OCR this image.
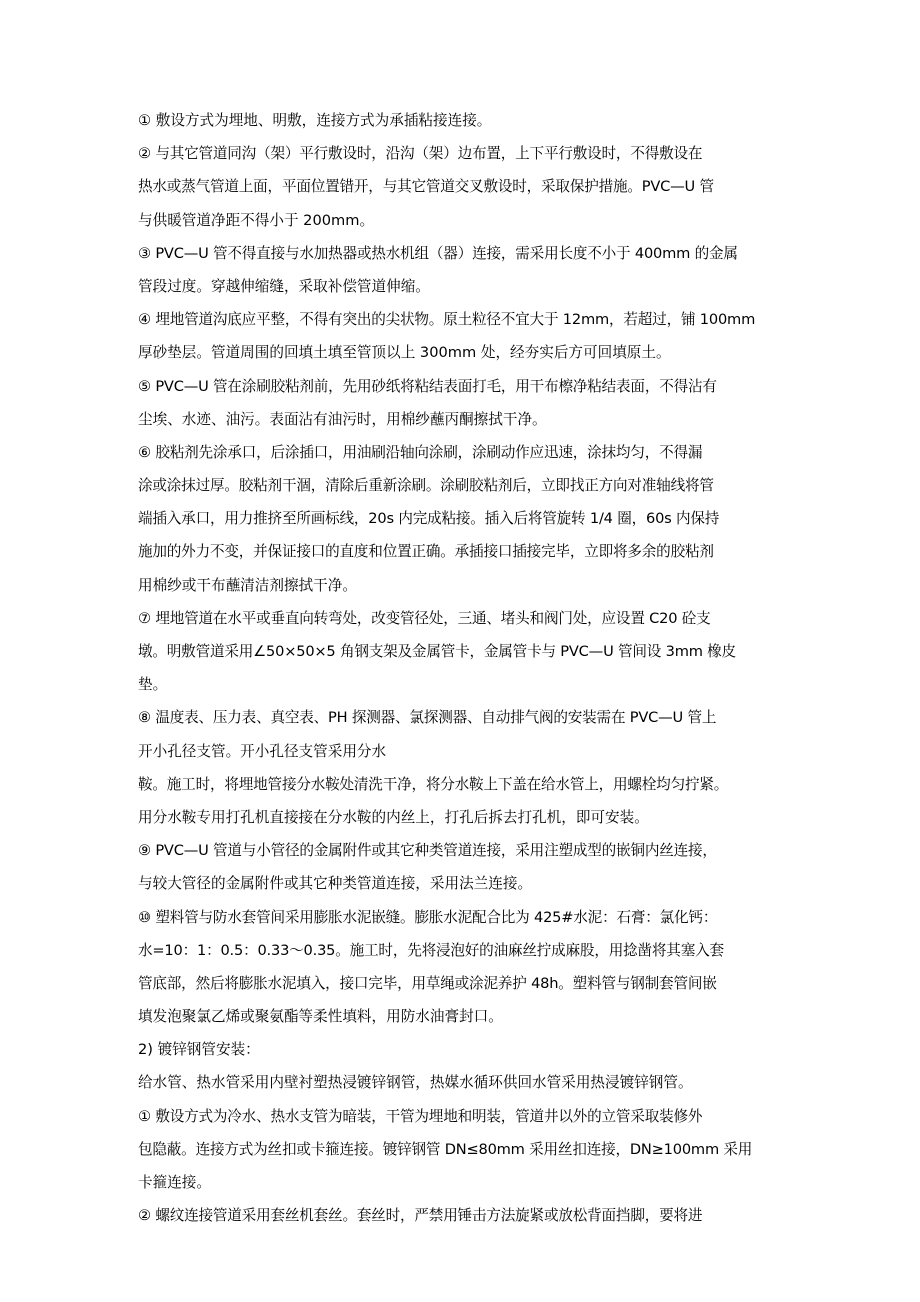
① 敷设方式为埋地、明敷，连接方式为承插粘接连接。
② 与其它管道同沟（架）平行敷设时，沿沟（架）边布置，上下平行敷设时，不得敷设在
热水或蒸气管道上面，平面位置错开，与其它管道交叉敷设时，采取保护措施。PVC—U 管
与供暖管道净距不得小于 200mm。
③ PVC—U 管不得直接与水加热器或热水机组（器）连接，需采用长度不小于 400mm 的金属
管段过度。穿越伸缩缝，采取补偿管道伸缩。
④ 埋地管道沟底应平整，不得有突出的尖状物。原土粒径不宜大于 12mm，若超过，铺 100mm
厚砂垫层。管道周围的回填土填至管顶以上 300mm 处，经夯实后方可回填原土。
⑤ PVC—U 管在涂刷胶粘剂前，先用砂纸将粘结表面打毛，用干布檫净粘结表面，不得沾有
尘埃、水迹、油污。表面沾有油污时，用棉纱蘸丙酮擦拭干净。
⑥ 胶粘剂先涂承口，后涂插口，用油刷沿轴向涂刷，涂刷动作应迅速，涂抹均匀，不得漏
涂或涂抹过厚。胶粘剂干涸，清除后重新涂刷。涂刷胶粘剂后，立即找正方向对准轴线将管
端插入承口，用力推挤至所画标线，20s 内完成粘接。插入后将管旋转 1/4 圈，60s 内保持
施加的外力不变，并保证接口的直度和位置正确。承插接口插接完毕，立即将多余的胶粘剂
用棉纱或干布蘸清洁剂擦拭干净。
⑦ 埋地管道在水平或垂直向转弯处，改变管径处，三通、堵头和阀门处，应设置 C20 砼支
墩。明敷管道采用∠50×50×5 角钢支架及金属管卡，金属管卡与 PVC—U 管间设 3mm 橡皮
垫。
⑧ 温度表、压力表、真空表、PH 探测器、氯探测器、自动排气阀的安装需在 PVC—U 管上
开小孔径支管。开小孔径支管采用分水
鞍。施工时，将埋地管接分水鞍处清洗干净，将分水鞍上下盖在给水管上，用螺栓均匀拧紧。
用分水鞍专用打孔机直接接在分水鞍的内丝上，打孔后拆去打孔机，即可安装。
⑨ PVC—U 管道与小管径的金属附件或其它种类管道连接，采用注塑成型的嵌铜内丝连接，
与较大管径的金属附件或其它种类管道连接，采用法兰连接。
⑩ 塑料管与防水套管间采用膨胀水泥嵌缝。膨胀水泥配合比为 425#水泥：石膏：氯化钙：
水=10：1：0.5：0.33～0.35。施工时，先将浸泡好的油麻丝拧成麻股，用捻凿将其塞入套
管底部，然后将膨胀水泥填入，接口完毕，用草绳或涂泥养护 48h。塑料管与钢制套管间嵌
填发泡聚氯乙烯或聚氨酯等柔性填料，用防水油膏封口。
2) 镀锌钢管安装：
给水管、热水管采用内壁衬塑热浸镀锌钢管，热媒水循环供回水管采用热浸镀锌钢管。
① 敷设方式为冷水、热水支管为暗装，干管为埋地和明装，管道井以外的立管采取装修外
包隐蔽。连接方式为丝扣或卡箍连接。镀锌钢管 DN≤80mm 采用丝扣连接，DN≥100mm 采用
卡箍连接。
② 螺纹连接管道采用套丝机套丝。套丝时，严禁用锤击方法旋紧或放松背面挡脚，要将进
